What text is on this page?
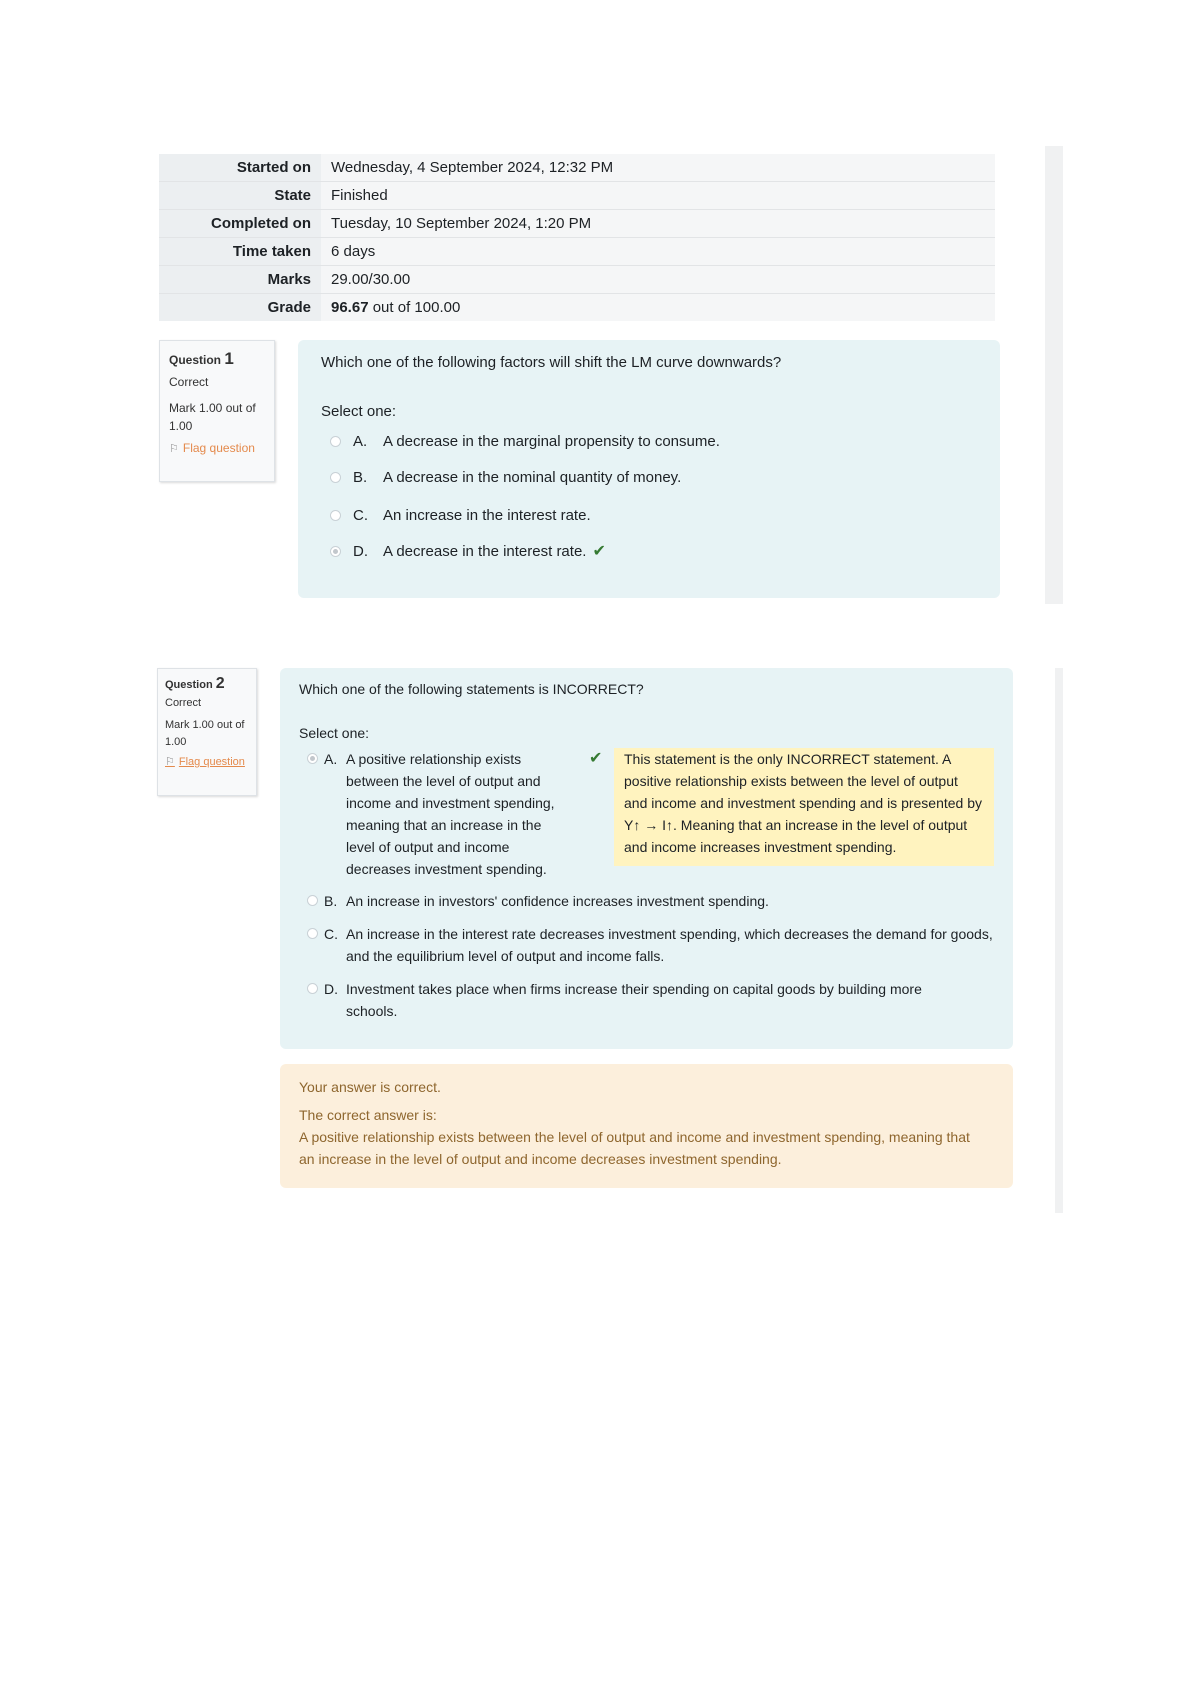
Started on	Wednesday, 4 September 2024, 12:32 PM
State	Finished
Completed on	Tuesday, 10 September 2024, 1:20 PM
Time taken	6 days
Marks	29.00/30.00
Grade	96.67 out of 100.00
Question 1
Correct
Mark 1.00 out of 1.00
⚐ Flag question
Which one of the following factors will shift the LM curve downwards?
Select one:
A.	A decrease in the marginal propensity to consume.
B.	A decrease in the nominal quantity of money.
C.	An increase in the interest rate.
D.	A decrease in the interest rate. ✔
Question 2
Correct
Mark 1.00 out of 1.00
⚐ Flag question
Which one of the following statements is INCORRECT?
Select one:
A. A positive relationship exists between the level of output and income and investment spending, meaning that an increase in the level of output and income decreases investment spending.
✔	This statement is the only INCORRECT statement. A positive relationship exists between the level of output and income and investment spending and is presented by Y↑ → I↑. Meaning that an increase in the level of output and income increases investment spending.
B. An increase in investors' confidence increases investment spending.
C. An increase in the interest rate decreases investment spending, which decreases the demand for goods, and the equilibrium level of output and income falls.
D. Investment takes place when firms increase their spending on capital goods by building more schools.
Your answer is correct.
The correct answer is:
A positive relationship exists between the level of output and income and investment spending, meaning that an increase in the level of output and income decreases investment spending.
